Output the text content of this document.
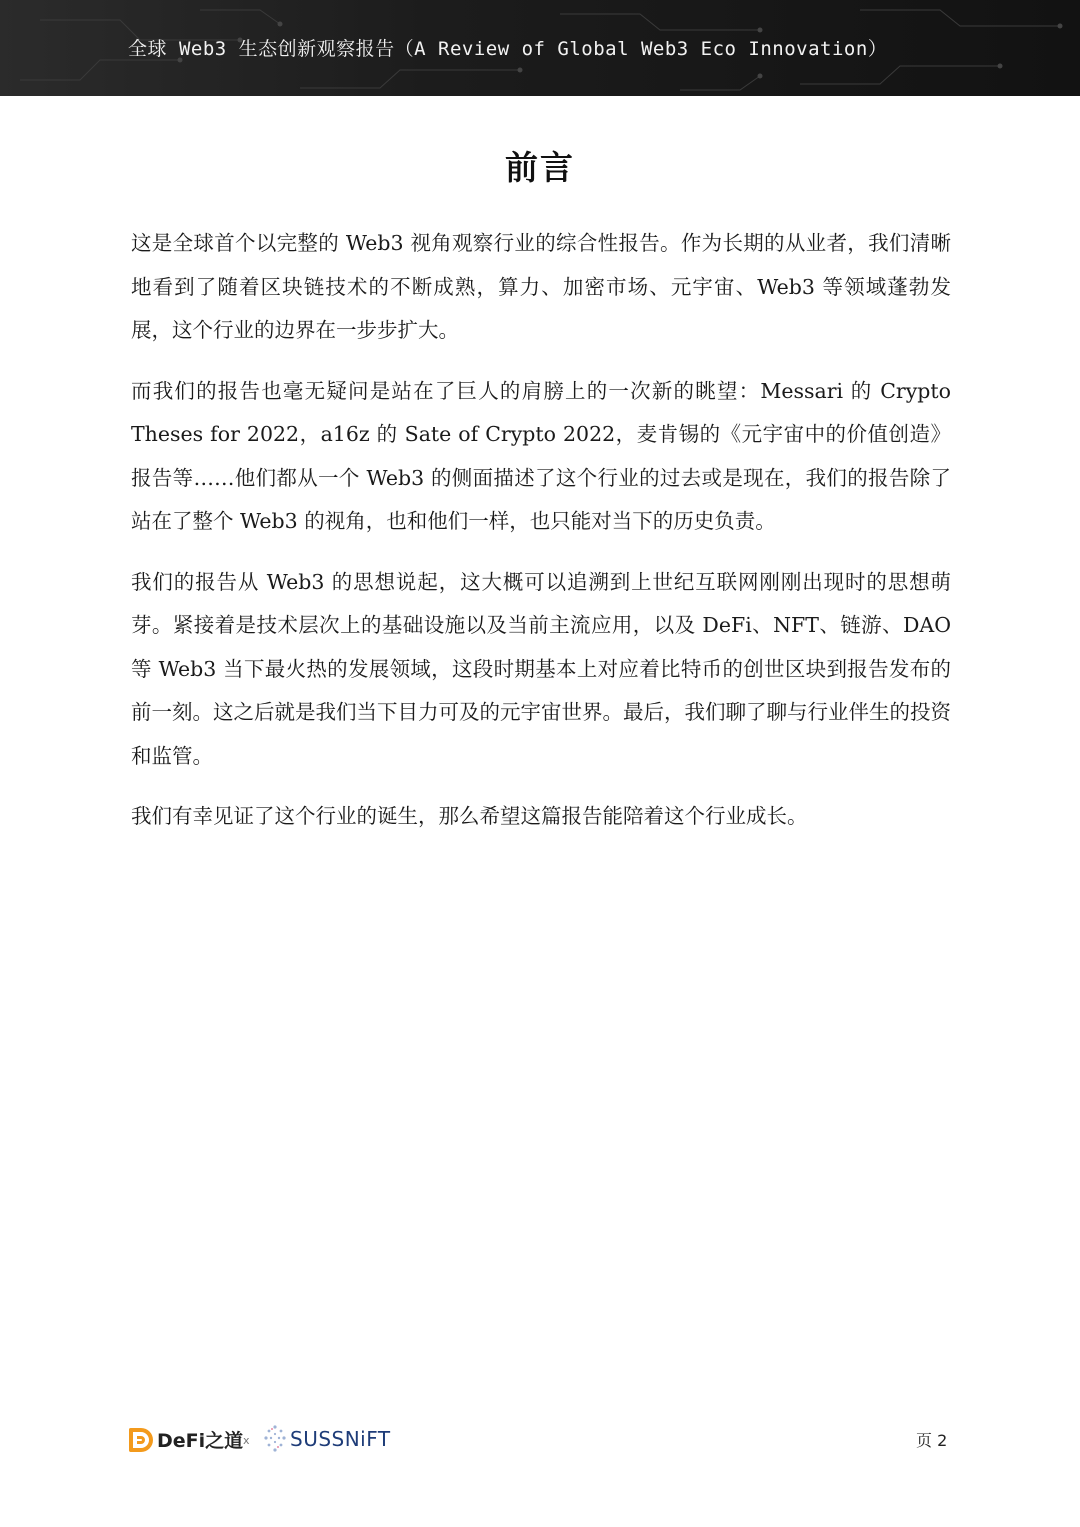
全球 Web3 生态创新观察报告（A Review of Global Web3 Eco Innovation）
前言

这是全球首个以完整的 Web3 视角观察行业的综合性报告。作为长期的从业者，我们清晰地看到了随着区块链技术的不断成熟，算力、加密市场、元宇宙、Web3 等领域蓬勃发展，这个行业的边界在一步步扩大。

而我们的报告也毫无疑问是站在了巨人的肩膀上的一次新的眺望：Messari 的 Crypto Theses for 2022，a16z 的 Sate of Crypto 2022，麦肯锡的《元宇宙中的价值创造》报告等……他们都从一个 Web3 的侧面描述了这个行业的过去或是现在，我们的报告除了站在了整个 Web3 的视角，也和他们一样，也只能对当下的历史负责。

我们的报告从 Web3 的思想说起，这大概可以追溯到上世纪互联网刚刚出现时的思想萌芽。紧接着是技术层次上的基础设施以及当前主流应用，以及 DeFi、NFT、链游、DAO 等 Web3 当下最火热的发展领域，这段时期基本上对应着比特币的创世区块到报告发布的前一刻。这之后就是我们当下目力可及的元宇宙世界。最后，我们聊了聊与行业伴生的投资和监管。

我们有幸见证了这个行业的诞生，那么希望这篇报告能陪着这个行业成长。

DeFi之道 x SUSSNiFT	页 2
